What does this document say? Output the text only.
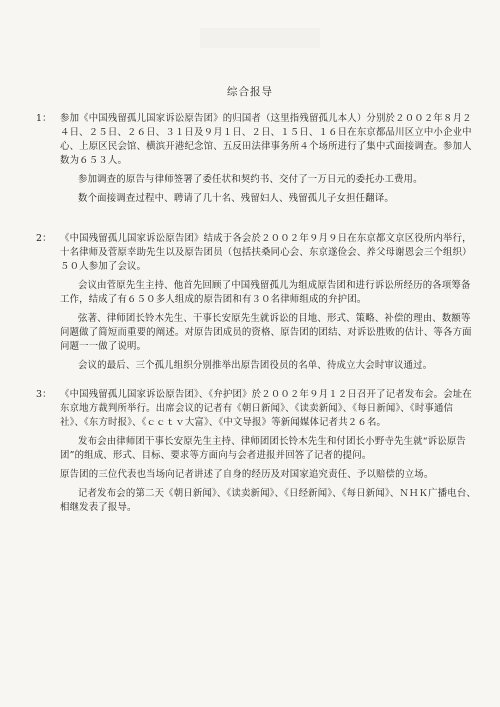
综合报导
1： 参加《中国残留孤儿国家诉讼原告团》的归国者（这里指残留孤儿本人）分别於２００２年８月２４日、２５日、２６日、３１日及９月１日、２日、１５日、１６日在东京都品川区立中小企业中心、上原区民会馆、横滨开港纪念馆、五反田法律事务所４个场所进行了集中式面接调查。参加人数为６５３人。
参加调查的原告与律师签署了委任状和契约书、交付了一万日元的委托办工费用。
数个面接调查过程中、聘请了几十名、残留妇人、残留孤儿子女担任翻译。
2： 《中国残留孤儿国家诉讼原告团》结成于各会於２００２年９月９日在东京都文京区役所内举行，十名律师及菅原幸助先生以及原告团员（包括扶桑同心会、东京遂俭会、养父母谢恩会三个组织）５０人参加了会议。
会议由菅原先生主持、他首先回顾了中国残留孤儿为组成原告团和进行诉讼所经历的各项筹备工作，结成了有６５０多人组成的原告团和有３０名律师组成的弁护团。
弦著、律师团长铃木先生、干事长安原先生就诉讼的目地、形式、策略、补偿的理由、数额等问题做了简短而重要的阐述。对原告团成员的资格、原告团的团结、对诉讼胜败的估计、等各方面问题一一做了说明。
会议的最后、三个孤儿组织分别推举出原告团役员的名单、待成立大会时审议通过。
3： 《中国残留孤儿国家诉讼原告团》、《弁护团》於２００２年９月１２日召开了记者发布会。会址在东京地方裁判所举行。出席会议的记者有《朝日新闻》、《读卖新闻》、《每日新闻》、《时事通信社》、《东方时报》、《ｃｃｔｖ大富》、《中文导报》等新闻媒体记者共２６名。
发布会由律师团干事长安原先生主持、律师团团长铃木先生和付团长小野寺先生就“诉讼原告团”的组成、形式、目标、要求等方面向与会者进报并回答了记者的提问。
原告团的三位代表也当场向记者讲述了自身的经历及对国家追究责任、予以赔偿的立场。
记者发布会的第二天《朝日新闻》、《读卖新闻》、《日经新闻》、《每日新闻》、ＮＨＫ广播电台、相继发表了报导。
